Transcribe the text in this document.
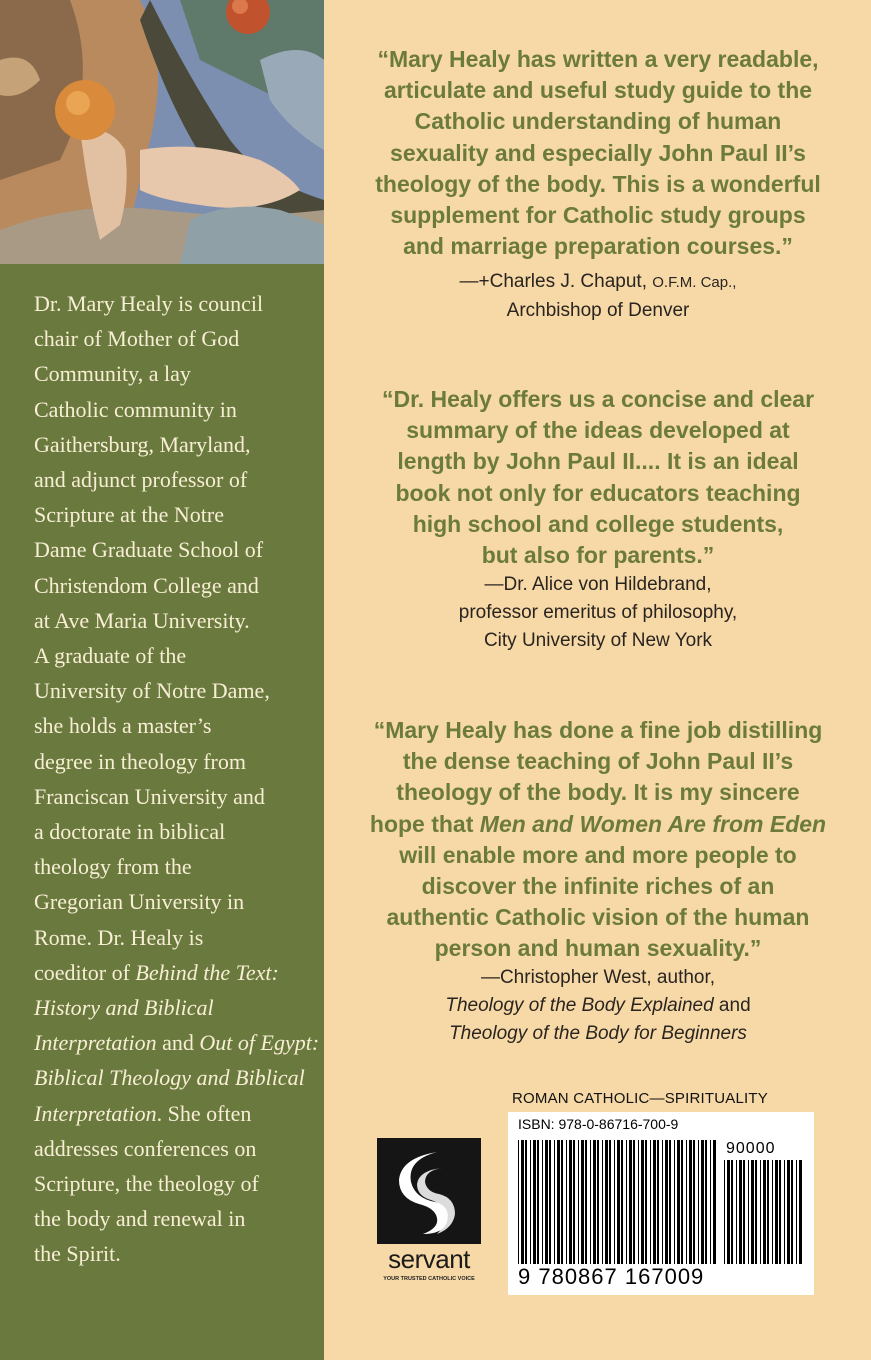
Dr. Mary Healy is council
chair of Mother of God
Community, a lay
Catholic community in
Gaithersburg, Maryland,
and adjunct professor of
Scripture at the Notre
Dame Graduate School of
Christendom College and
at Ave Maria University.
A graduate of the
University of Notre Dame,
she holds a master’s
degree in theology from
Franciscan University and
a doctorate in biblical
theology from the
Gregorian University in
Rome. Dr. Healy is
coeditor of Behind the Text:
History and Biblical
Interpretation and Out of Egypt:
Biblical Theology and Biblical
Interpretation. She often
addresses conferences on
Scripture, the theology of
the body and renewal in
the Spirit.

“Mary Healy has written a very readable,
articulate and useful study guide to the
Catholic understanding of human
sexuality and especially John Paul II’s
theology of the body. This is a wonderful
supplement for Catholic study groups
and marriage preparation courses.”

—+Charles J. Chaput, O.F.M. Cap.,
Archbishop of Denver

“Dr. Healy offers us a concise and clear
summary of the ideas developed at
length by John Paul II.... It is an ideal
book not only for educators teaching
high school and college students,
but also for parents.”

—Dr. Alice von Hildebrand,
professor emeritus of philosophy,
City University of New York

“Mary Healy has done a fine job distilling
the dense teaching of John Paul II’s
theology of the body. It is my sincere
hope that Men and Women Are from Eden
will enable more and more people to
discover the infinite riches of an
authentic Catholic vision of the human
person and human sexuality.”

—Christopher West, author,
Theology of the Body Explained and
Theology of the Body for Beginners

ROMAN CATHOLIC—SPIRITUALITY
servant
YOUR TRUSTED CATHOLIC VOICE
ISBN: 978-0-86716-700-9
90000
9 780867 167009
